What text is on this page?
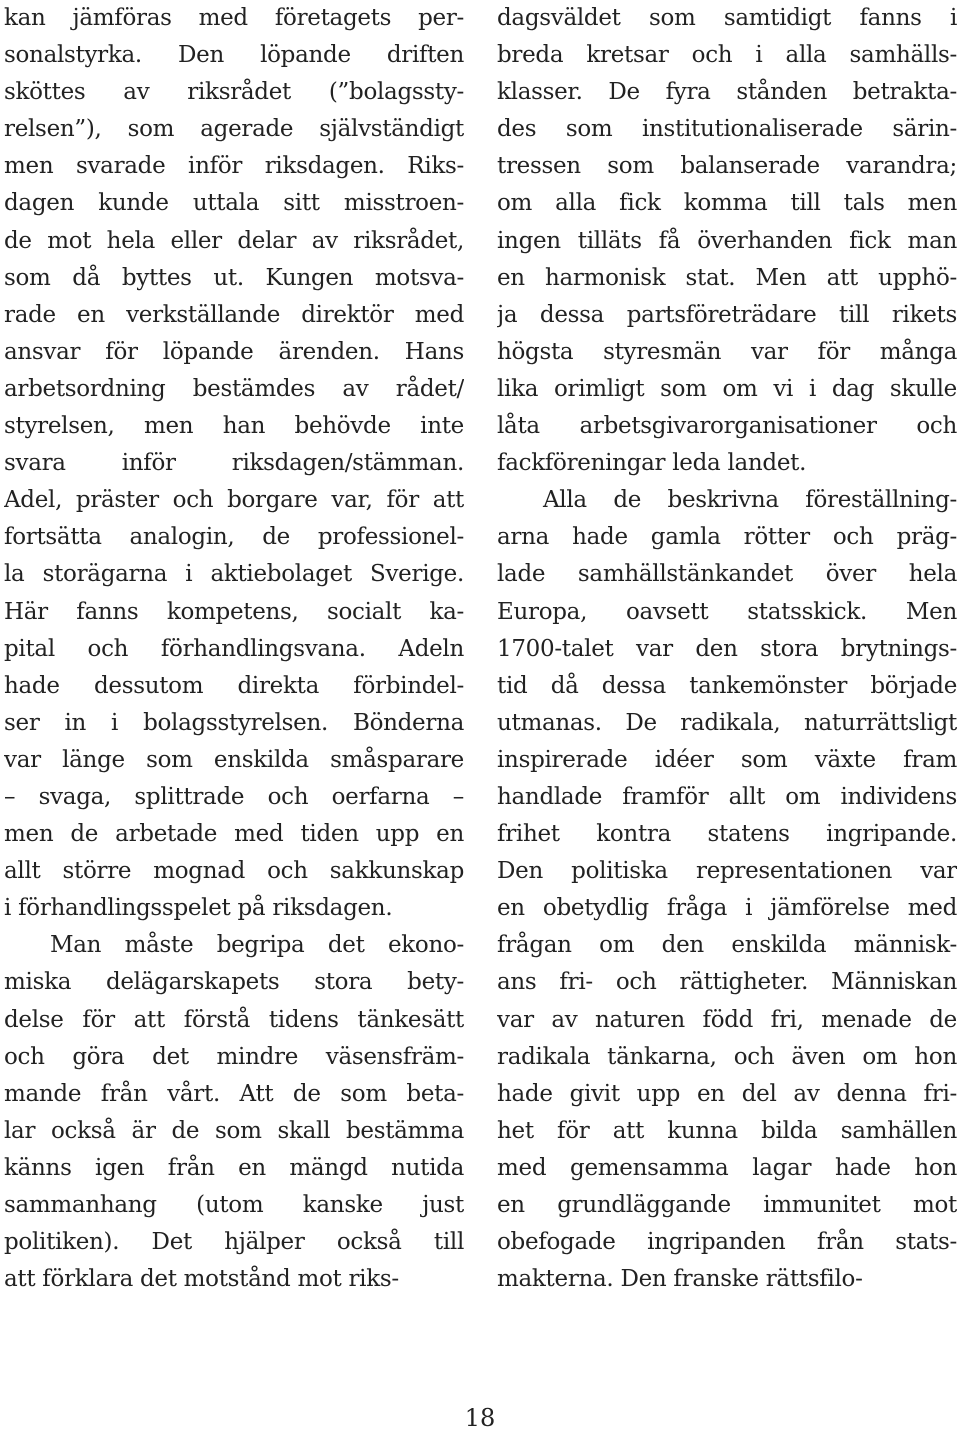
kan jämföras med företagets per-
sonalstyrka. Den löpande driften
sköttes av riksrådet (”bolagssty-
relsen”), som agerade självständigt
men svarade inför riksdagen. Riks-
dagen kunde uttala sitt misstroen-
de mot hela eller delar av riksrådet,
som då byttes ut. Kungen motsva-
rade en verkställande direktör med
ansvar för löpande ärenden. Hans
arbetsordning bestämdes av rådet/
styrelsen, men han behövde inte
svara inför riksdagen/stämman.
Adel, präster och borgare var, för att
fortsätta analogin, de professionel-
la storägarna i aktiebolaget Sverige.
Här fanns kompetens, socialt ka-
pital och förhandlingsvana. Adeln
hade dessutom direkta förbindel-
ser in i bolagsstyrelsen. Bönderna
var länge som enskilda småsparare
– svaga, splittrade och oerfarna –
men de arbetade med tiden upp en
allt större mognad och sakkunskap
i förhandlingsspelet på riksdagen.
Man måste begripa det ekono-
miska delägarskapets stora bety-
delse för att förstå tidens tänkesätt
och göra det mindre väsensfräm-
mande från vårt. Att de som beta-
lar också är de som skall bestämma
känns igen från en mängd nutida
sammanhang (utom kanske just
politiken). Det hjälper också till
att förklara det motstånd mot riks-
dagsväldet som samtidigt fanns i
breda kretsar och i alla samhälls-
klasser. De fyra stånden betrakta-
des som institutionaliserade särin-
tressen som balanserade varandra;
om alla fick komma till tals men
ingen tilläts få överhanden fick man
en harmonisk stat. Men att upphö-
ja dessa partsföreträdare till rikets
högsta styresmän var för många
lika orimligt som om vi i dag skulle
låta arbetsgivarorganisationer och
fackföreningar leda landet.
Alla de beskrivna föreställning-
arna hade gamla rötter och präg-
lade samhällstänkandet över hela
Europa, oavsett statsskick. Men
1700-talet var den stora brytnings-
tid då dessa tankemönster började
utmanas. De radikala, naturrättsligt
inspirerade idéer som växte fram
handlade framför allt om individens
frihet kontra statens ingripande.
Den politiska representationen var
en obetydlig fråga i jämförelse med
frågan om den enskilda människ-
ans fri- och rättigheter. Människan
var av naturen född fri, menade de
radikala tänkarna, och även om hon
hade givit upp en del av denna fri-
het för att kunna bilda samhällen
med gemensamma lagar hade hon
en grundläggande immunitet mot
obefogade ingripanden från stats-
makterna. Den franske rättsfilo-
18
